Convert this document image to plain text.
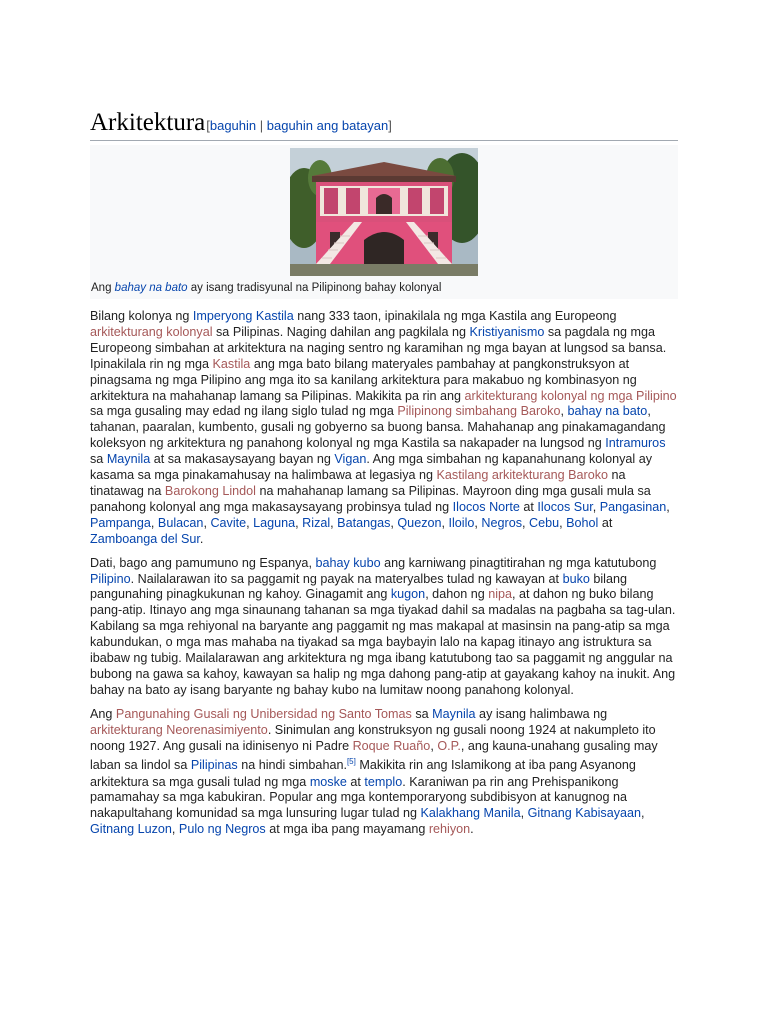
Arkitektura [baguhin | baguhin ang batayan]
Ang bahay na bato ay isang tradisyunal na Pilipinong bahay kolonyal

Bilang kolonya ng Imperyong Kastila nang 333 taon, ipinakilala ng mga Kastila ang Europeong arkitekturang kolonyal sa Pilipinas. Naging dahilan ang pagkilala ng Kristiyanismo sa pagdala ng mga Europeong simbahan at arkitektura na naging sentro ng karamihan ng mga bayan at lungsod sa bansa. Ipinakilala rin ng mga Kastila ang mga bato bilang materyales pambahay at pangkonstruksyon at pinagsama ng mga Pilipino ang mga ito sa kanilang arkitektura para makabuo ng kombinasyon ng arkitektura na mahahanap lamang sa Pilipinas. Makikita pa rin ang arkitekturang kolonyal ng mga Pilipino sa mga gusaling may edad ng ilang siglo tulad ng mga Pilipinong simbahang Baroko, bahay na bato, tahanan, paaralan, kumbento, gusali ng gobyerno sa buong bansa. Mahahanap ang pinakamagandang koleksyon ng arkitektura ng panahong kolonyal ng mga Kastila sa nakapader na lungsod ng Intramuros sa Maynila at sa makasaysayang bayan ng Vigan. Ang mga simbahan ng kapanahunang kolonyal ay kasama sa mga pinakamahusay na halimbawa at legasiya ng Kastilang arkitekturang Baroko na tinatawag na Barokong Lindol na mahahanap lamang sa Pilipinas. Mayroon ding mga gusali mula sa panahong kolonyal ang mga makasaysayang probinsya tulad ng Ilocos Norte at Ilocos Sur, Pangasinan, Pampanga, Bulacan, Cavite, Laguna, Rizal, Batangas, Quezon, Iloilo, Negros, Cebu, Bohol at Zamboanga del Sur.

Dati, bago ang pamumuno ng Espanya, bahay kubo ang karniwang pinagtitirahan ng mga katutubong Pilipino. Nailalarawan ito sa paggamit ng payak na materyalbes tulad ng kawayan at buko bilang pangunahing pinagkukunan ng kahoy. Ginagamit ang kugon, dahon ng nipa, at dahon ng buko bilang pang-atip. Itinayo ang mga sinaunang tahanan sa mga tiyakad dahil sa madalas na pagbaha sa tag-ulan. Kabilang sa mga rehiyonal na baryante ang paggamit ng mas makapal at masinsin na pang-atip sa mga kabundukan, o mga mas mahaba na tiyakad sa mga baybayin lalo na kapag itinayo ang istruktura sa ibabaw ng tubig. Mailalarawan ang arkitektura ng mga ibang katutubong tao sa paggamit ng anggular na bubong na gawa sa kahoy, kawayan sa halip ng mga dahong pang-atip at gayakang kahoy na inukit. Ang bahay na bato ay isang baryante ng bahay kubo na lumitaw noong panahong kolonyal.

Ang Pangunahing Gusali ng Unibersidad ng Santo Tomas sa Maynila ay isang halimbawa ng arkitekturang Neorenasimiyento. Sinimulan ang konstruksyon ng gusali noong 1924 at nakumpleto ito noong 1927. Ang gusali na idinisenyo ni Padre Roque Ruaño, O.P., ang kauna-unahang gusaling may laban sa lindol sa Pilipinas na hindi simbahan.[5] Makikita rin ang Islamikong at iba pang Asyanong arkitektura sa mga gusali tulad ng mga moske at templo. Karaniwan pa rin ang Prehispanikong pamamahay sa mga kabukiran. Popular ang mga kontemporaryong subdibisyon at kanugnog na nakapultahang komunidad sa mga lunsuring lugar tulad ng Kalakhang Manila, Gitnang Kabisayaan, Gitnang Luzon, Pulo ng Negros at mga iba pang mayamang rehiyon.
